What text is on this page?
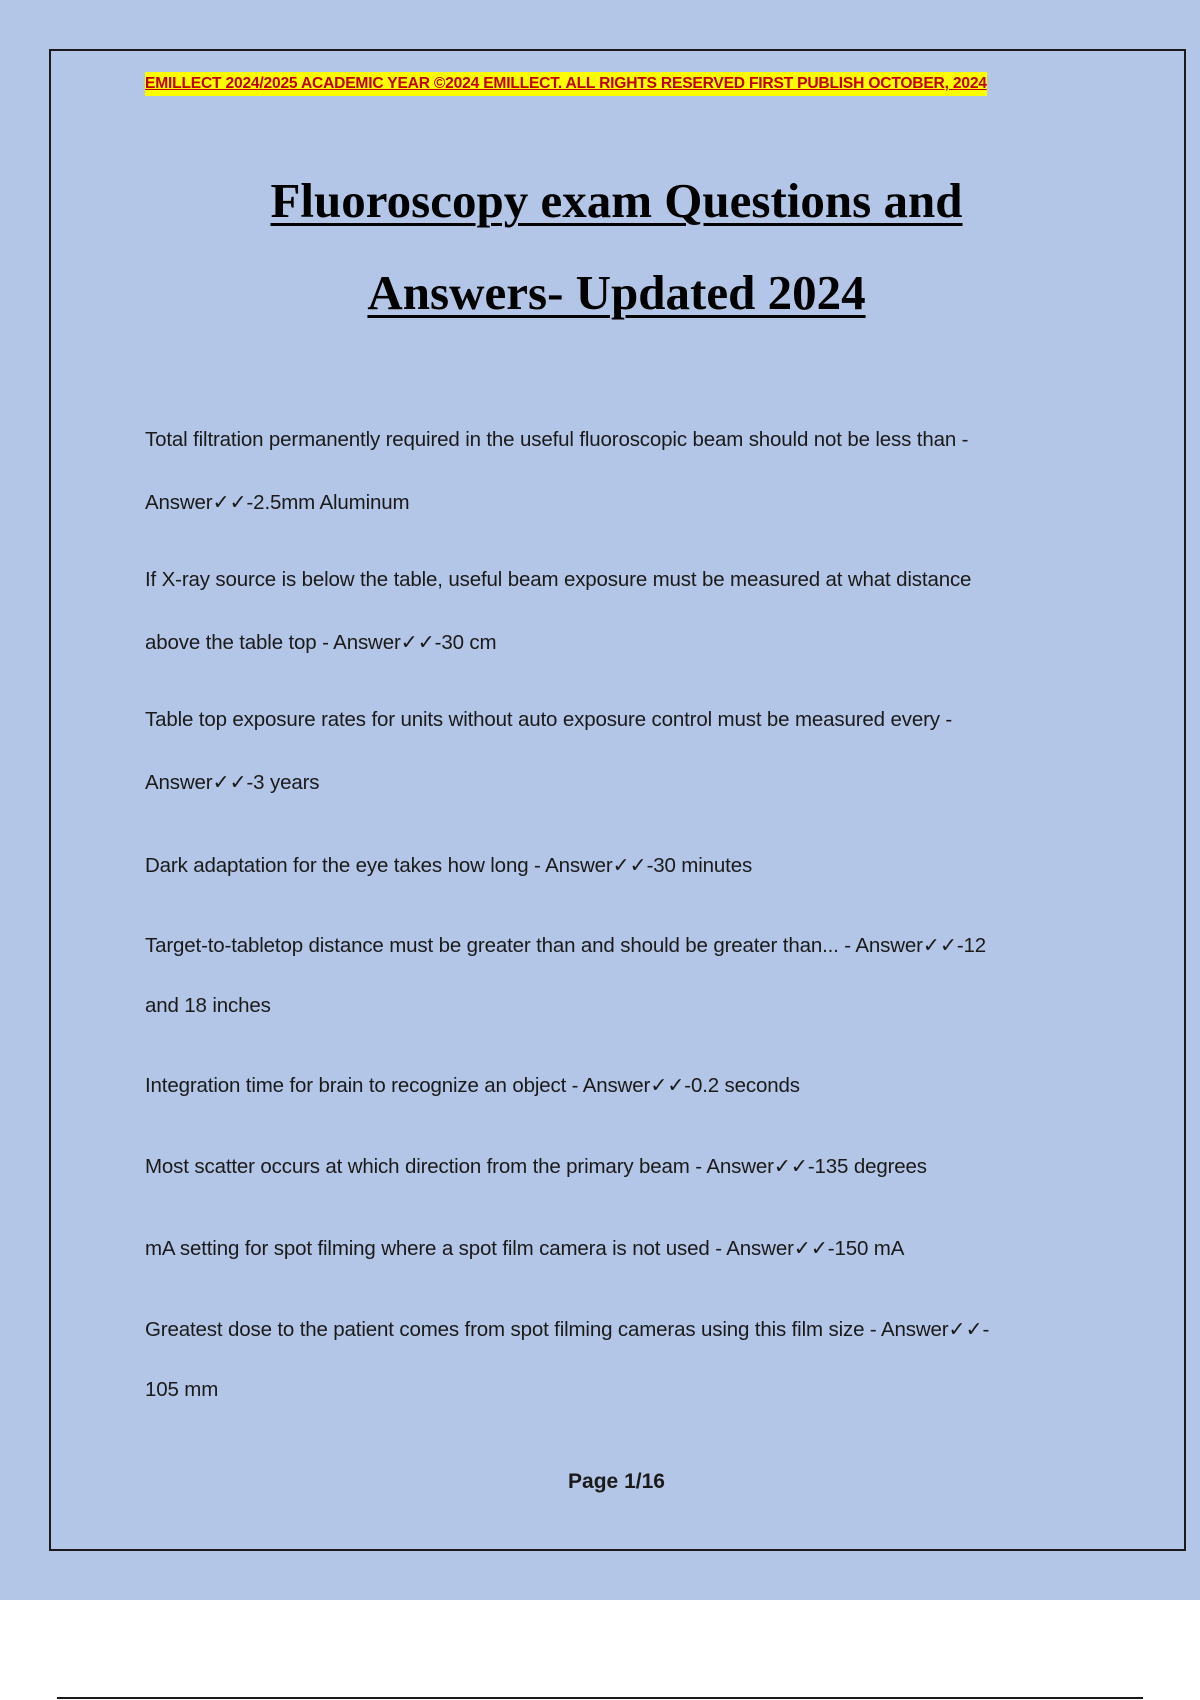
EMILLECT 2024/2025 ACADEMIC YEAR ©2024 EMILLECT. ALL RIGHTS RESERVED FIRST PUBLISH OCTOBER, 2024
Fluoroscopy exam Questions and
Answers- Updated 2024
Total filtration permanently required in the useful fluoroscopic beam should not be less than -
Answer✓✓-2.5mm Aluminum
If X-ray source is below the table, useful beam exposure must be measured at what distance
above the table top - Answer✓✓-30 cm
Table top exposure rates for units without auto exposure control must be measured every -
Answer✓✓-3 years
Dark adaptation for the eye takes how long - Answer✓✓-30 minutes
Target-to-tabletop distance must be greater than and should be greater than... - Answer✓✓-12
and 18 inches
Integration time for brain to recognize an object - Answer✓✓-0.2 seconds
Most scatter occurs at which direction from the primary beam - Answer✓✓-135 degrees
mA setting for spot filming where a spot film camera is not used - Answer✓✓-150 mA
Greatest dose to the patient comes from spot filming cameras using this film size - Answer✓✓-
105 mm
Page 1/16
